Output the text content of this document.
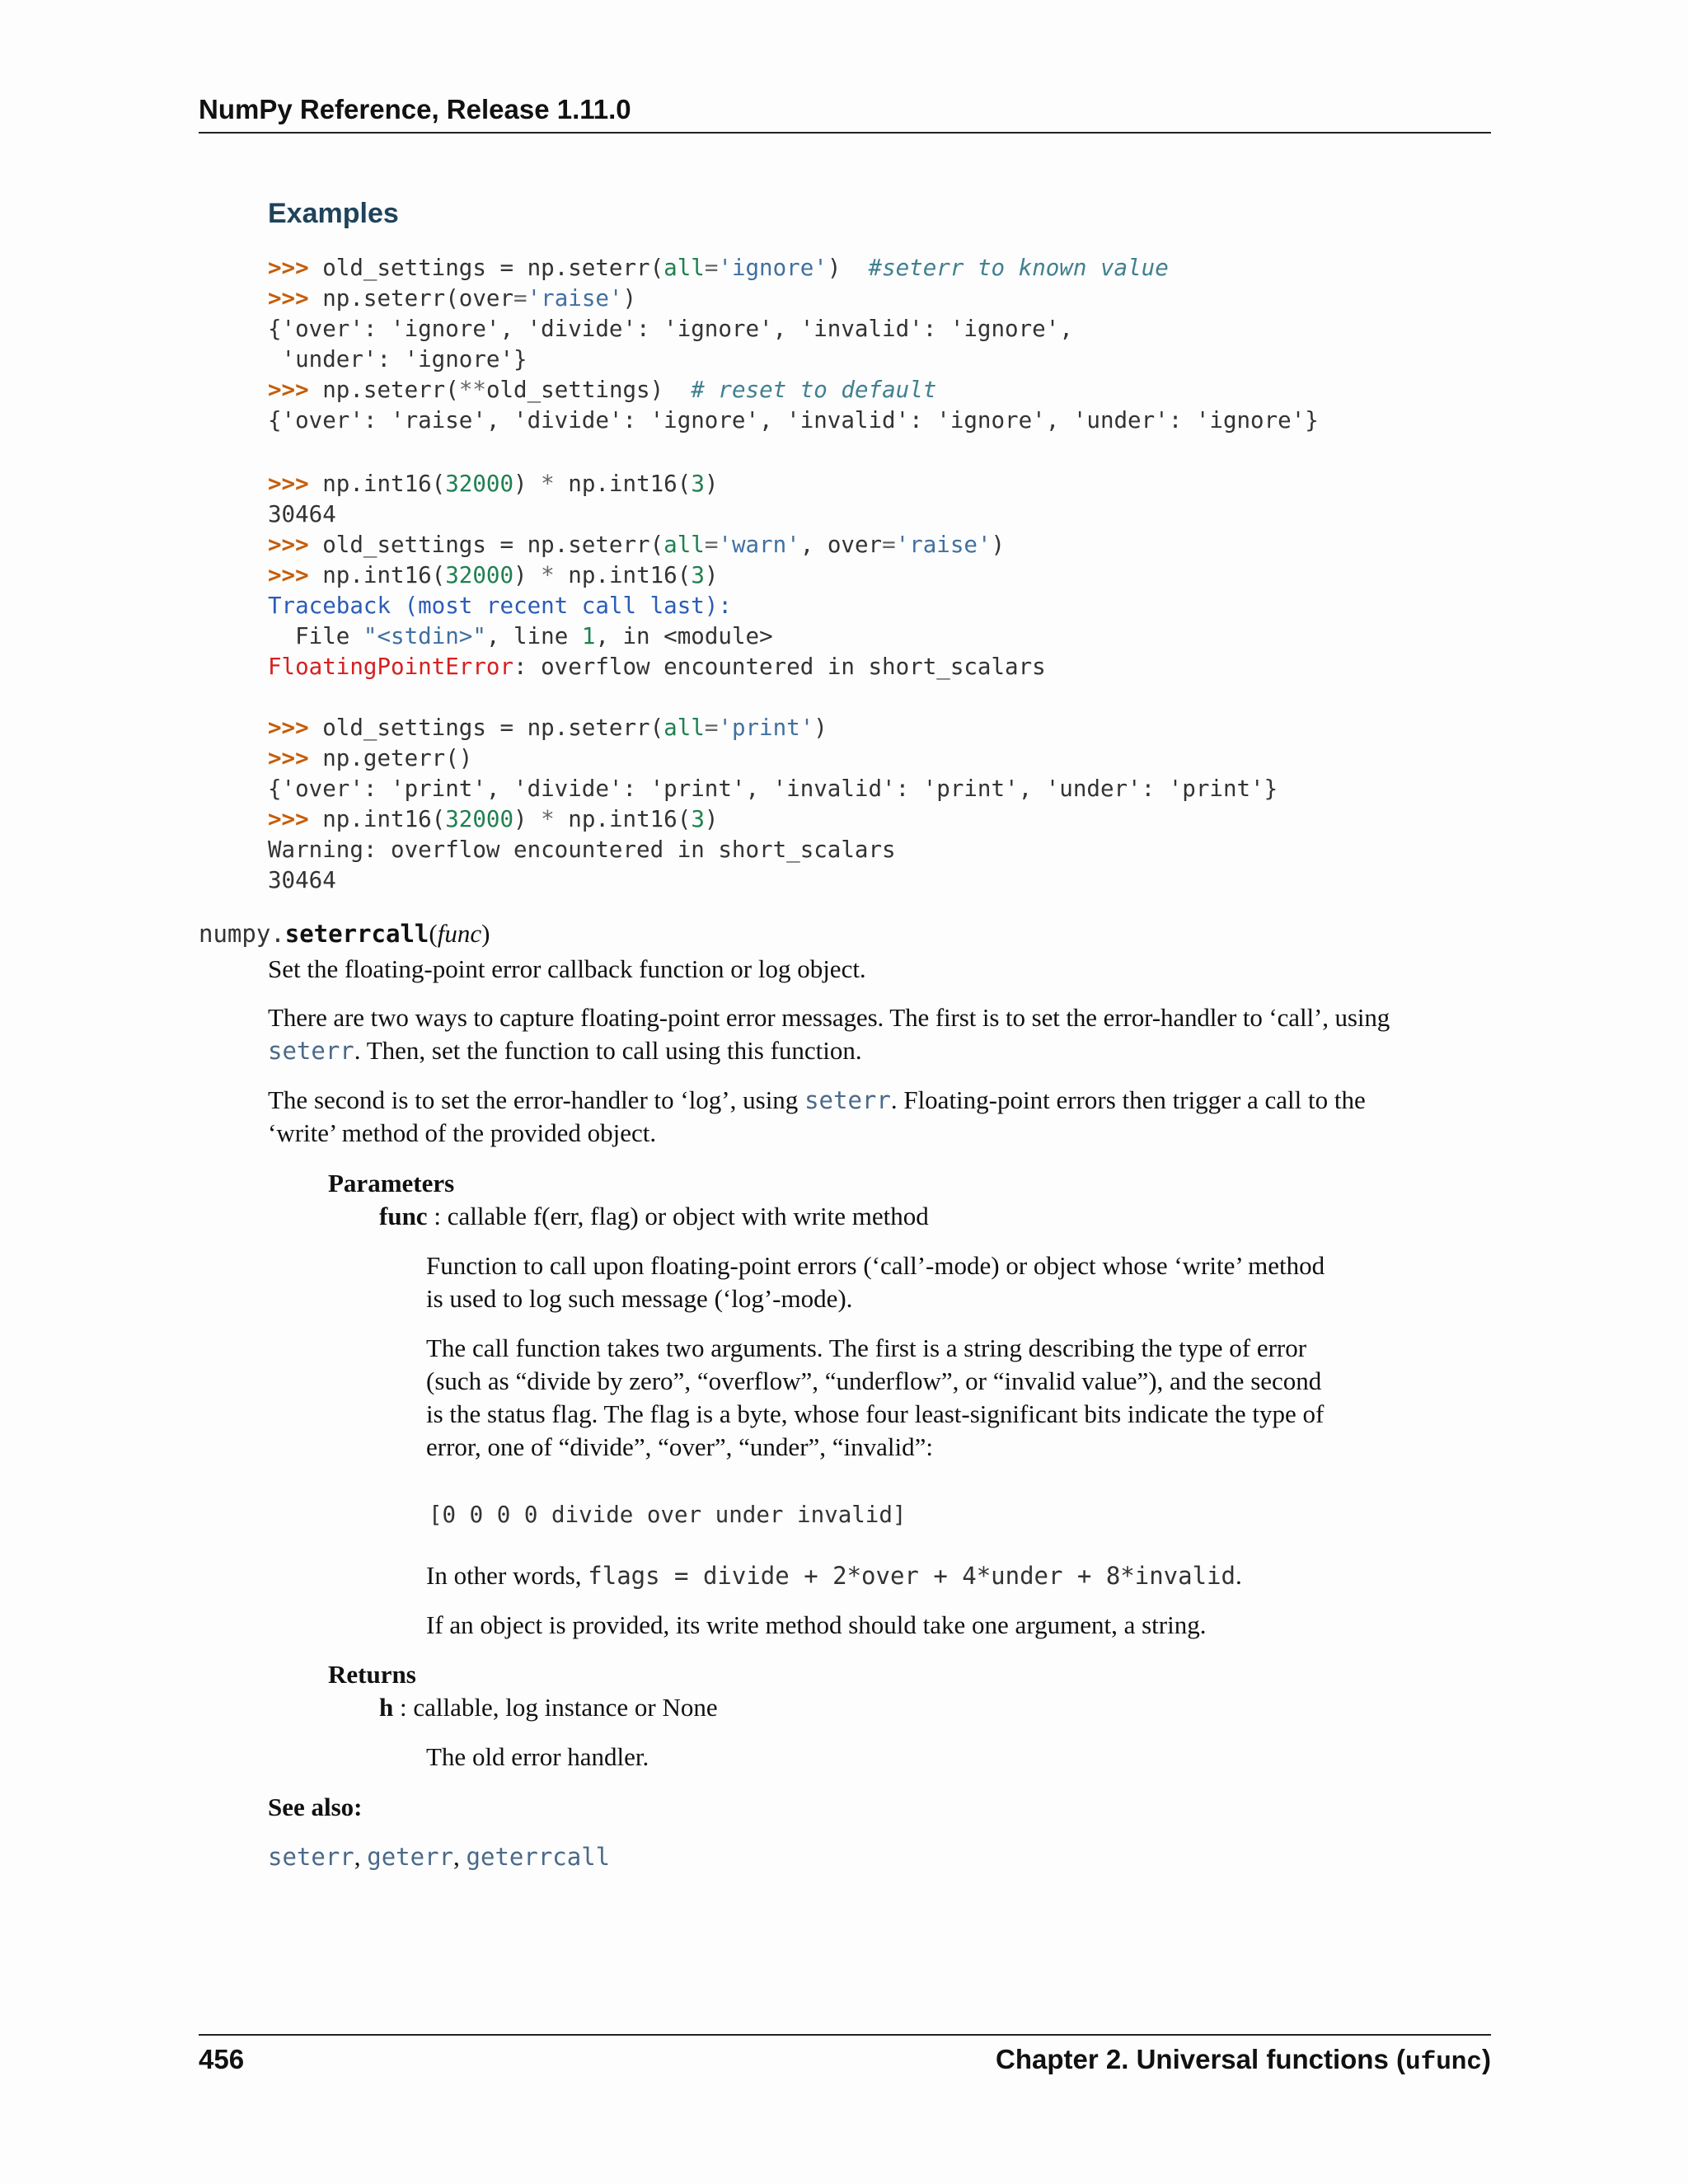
NumPy Reference, Release 1.11.0
Examples
>>> old_settings = np.seterr(all='ignore')  #seterr to known value
>>> np.seterr(over='raise')
{'over': 'ignore', 'divide': 'ignore', 'invalid': 'ignore',
'under': 'ignore'}
>>> np.seterr(**old_settings)  # reset to default
{'over': 'raise', 'divide': 'ignore', 'invalid': 'ignore', 'under': 'ignore'}
>>> np.int16(32000) * np.int16(3)
30464
>>> old_settings = np.seterr(all='warn', over='raise')
>>> np.int16(32000) * np.int16(3)
Traceback (most recent call last):
File "<stdin>", line 1, in <module>
FloatingPointError: overflow encountered in short_scalars
>>> old_settings = np.seterr(all='print')
>>> np.geterr()
{'over': 'print', 'divide': 'print', 'invalid': 'print', 'under': 'print'}
>>> np.int16(32000) * np.int16(3)
Warning: overflow encountered in short_scalars
30464
numpy.seterrcall(func)
Set the floating-point error callback function or log object.
There are two ways to capture floating-point error messages. The first is to set the error-handler to ‘call’, using
seterr. Then, set the function to call using this function.
The second is to set the error-handler to ‘log’, using seterr. Floating-point errors then trigger a call to the
‘write’ method of the provided object.
Parameters
func : callable f(err, flag) or object with write method
Function to call upon floating-point errors (‘call’-mode) or object whose ‘write’ method
is used to log such message (‘log’-mode).
The call function takes two arguments. The first is a string describing the type of error
(such as “divide by zero”, “overflow”, “underflow”, or “invalid value”), and the second
is the status flag. The flag is a byte, whose four least-significant bits indicate the type of
error, one of “divide”, “over”, “under”, “invalid”:
[0 0 0 0 divide over under invalid]
In other words, flags = divide + 2*over + 4*under + 8*invalid.
If an object is provided, its write method should take one argument, a string.
Returns
h : callable, log instance or None
The old error handler.
See also:
seterr, geterr, geterrcall
456	Chapter 2. Universal functions (ufunc)
